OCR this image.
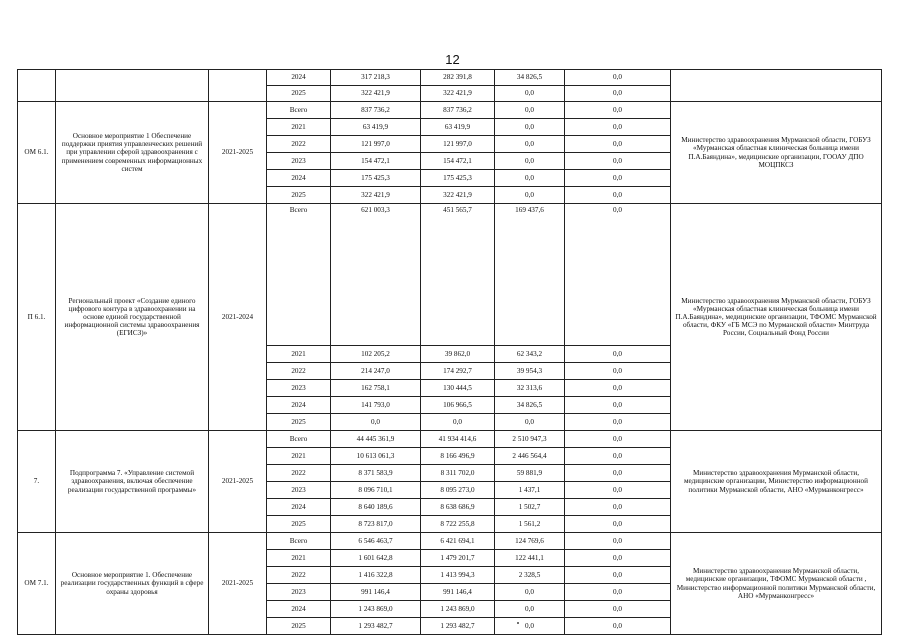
12
			2024	317 218,3	282 391,8	34 826,5	0,0	
			2025	322 421,9	322 421,9	0,0	0,0	
ОМ 6.1.	Основное мероприятие 1 Обеспечение поддержки приятия управленческих решений при управлении сферой здравоохранения с применением современных информационных систем	2021-2025	Всего	837 736,2	837 736,2	0,0	0,0	Министерство здравоохранения Мурманской области, ГОБУЗ «Мурманская областная клиническая больница имени П.А.Баяндина», медицинские организации, ГООАУ ДПО МОЦПКСЗ
			2021	63 419,9	63 419,9	0,0	0,0	
			2022	121 997,0	121 997,0	0,0	0,0	
			2023	154 472,1	154 472,1	0,0	0,0	
			2024	175 425,3	175 425,3	0,0	0,0	
			2025	322 421,9	322 421,9	0,0	0,0	
П 6.1.	Региональный проект «Создание единого цифрового контура в здравоохранении на основе единой государственной информационной системы здравоохранения (ЕГИСЗ)»	2021-2024	Всего	621 003,3	451 565,7	169 437,6	0,0	Министерство здравоохранения Мурманской области, ГОБУЗ «Мурманская областная клиническая больница имени П.А.Баяндина», медицинские организации, ТФОМС Мурманской области, ФКУ «ГБ МСЭ по Мурманской области» Минтруда России, Социальный Фонд России
			2021	102 205,2	39 862,0	62 343,2	0,0	
			2022	214 247,0	174 292,7	39 954,3	0,0	
			2023	162 758,1	130 444,5	32 313,6	0,0	
			2024	141 793,0	106 966,5	34 826,5	0,0	
			2025	0,0	0,0	0,0	0,0	
7.	Подпрограмма 7. «Управление системой здравоохранения, включая обеспечение реализации государственной программы»	2021-2025	Всего	44 445 361,9	41 934 414,6	2 510 947,3	0,0	Министерство здравоохранения Мурманской области, медицинские организации, Министерство информационной политики Мурманской области, АНО «Мурманконгресс»
			2021	10 613 061,3	8 166 496,9	2 446 564,4	0,0	
			2022	8 371 583,9	8 311 702,0	59 881,9	0,0	
			2023	8 096 710,1	8 095 273,0	1 437,1	0,0	
			2024	8 640 189,6	8 638 686,9	1 502,7	0,0	
			2025	8 723 817,0	8 722 255,8	1 561,2	0,0	
ОМ 7.1.	Основное мероприятие 1. Обеспечение реализации государственных функций в сфере охраны здоровья	2021-2025	Всего	6 546 463,7	6 421 694,1	124 769,6	0,0	Министерство здравоохранения Мурманской области, медицинские организации, ТФОМС Мурманской области , Министерство информационной политики Мурманской области, АНО «Мурманконгресс»
			2021	1 601 642,8	1 479 201,7	122 441,1	0,0	
			2022	1 416 322,8	1 413 994,3	2 328,5	0,0	
			2023	991 146,4	991 146,4	0,0	0,0	
			2024	1 243 869,0	1 243 869,0	0,0	0,0	
			2025	1 293 482,7	1 293 482,7	0,0	0,0	
